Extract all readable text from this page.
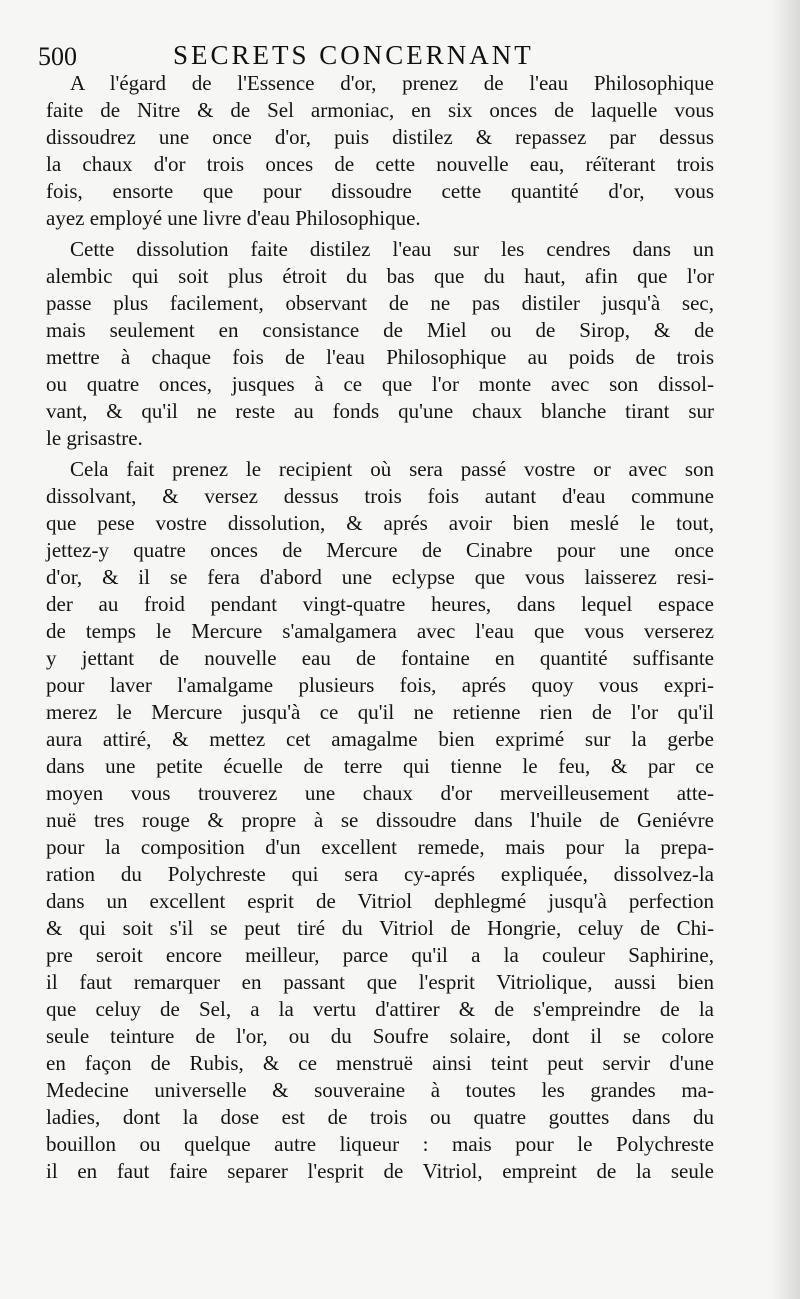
500	SECRETS CONCERNANT

A l'égard de l'Essence d'or, prenez de l'eau Philosophique

faite de Nitre & de Sel armoniac, en six onces de laquelle vous

dissoudrez une once d'or, puis distilez & repassez par dessus

la chaux d'or trois onces de cette nouvelle eau, réïterant trois

fois, ensorte que pour dissoudre cette quantité d'or, vous

ayez employé une livre d'eau Philosophique.

Cette dissolution faite distilez l'eau sur les cendres dans un

alembic qui soit plus étroit du bas que du haut, afin que l'or

passe plus facilement, observant de ne pas distiler jusqu'à sec,

mais seulement en consistance de Miel ou de Sirop, & de

mettre à chaque fois de l'eau Philosophique au poids de trois

ou quatre onces, jusques à ce que l'or monte avec son dissol-

vant, & qu'il ne reste au fonds qu'une chaux blanche tirant sur

le grisastre.

Cela fait prenez le recipient où sera passé vostre or avec son

dissolvant, & versez dessus trois fois autant d'eau commune

que pese vostre dissolution, & aprés avoir bien meslé le tout,

jettez-y quatre onces de Mercure de Cinabre pour une once

d'or, & il se fera d'abord une eclypse que vous laisserez resi-

der au froid pendant vingt-quatre heures, dans lequel espace

de temps le Mercure s'amalgamera avec l'eau que vous verserez

y jettant de nouvelle eau de fontaine en quantité suffisante

pour laver l'amalgame plusieurs fois, aprés quoy vous expri-

merez le Mercure jusqu'à ce qu'il ne retienne rien de l'or qu'il

aura attiré, & mettez cet amagalme bien exprimé sur la gerbe

dans une petite écuelle de terre qui tienne le feu, & par ce

moyen vous trouverez une chaux d'or merveilleusement atte-

nuë tres rouge & propre à se dissoudre dans l'huile de Geniévre

pour la composition d'un excellent remede, mais pour la prepa-

ration du Polychreste qui sera cy-aprés expliquée, dissolvez-la

dans un excellent esprit de Vitriol dephlegmé jusqu'à perfection

& qui soit s'il se peut tiré du Vitriol de Hongrie, celuy de Chi-

pre seroit encore meilleur, parce qu'il a la couleur Saphirine,

il faut remarquer en passant que l'esprit Vitriolique, aussi bien

que celuy de Sel, a la vertu d'attirer & de s'empreindre de la

seule teinture de l'or, ou du Soufre solaire, dont il se colore

en façon de Rubis, & ce menstruë ainsi teint peut servir d'une

Medecine universelle & souveraine à toutes les grandes ma-

ladies, dont la dose est de trois ou quatre gouttes dans du

bouillon ou quelque autre liqueur : mais pour le Polychreste

il en faut faire separer l'esprit de Vitriol, empreint de la seule
